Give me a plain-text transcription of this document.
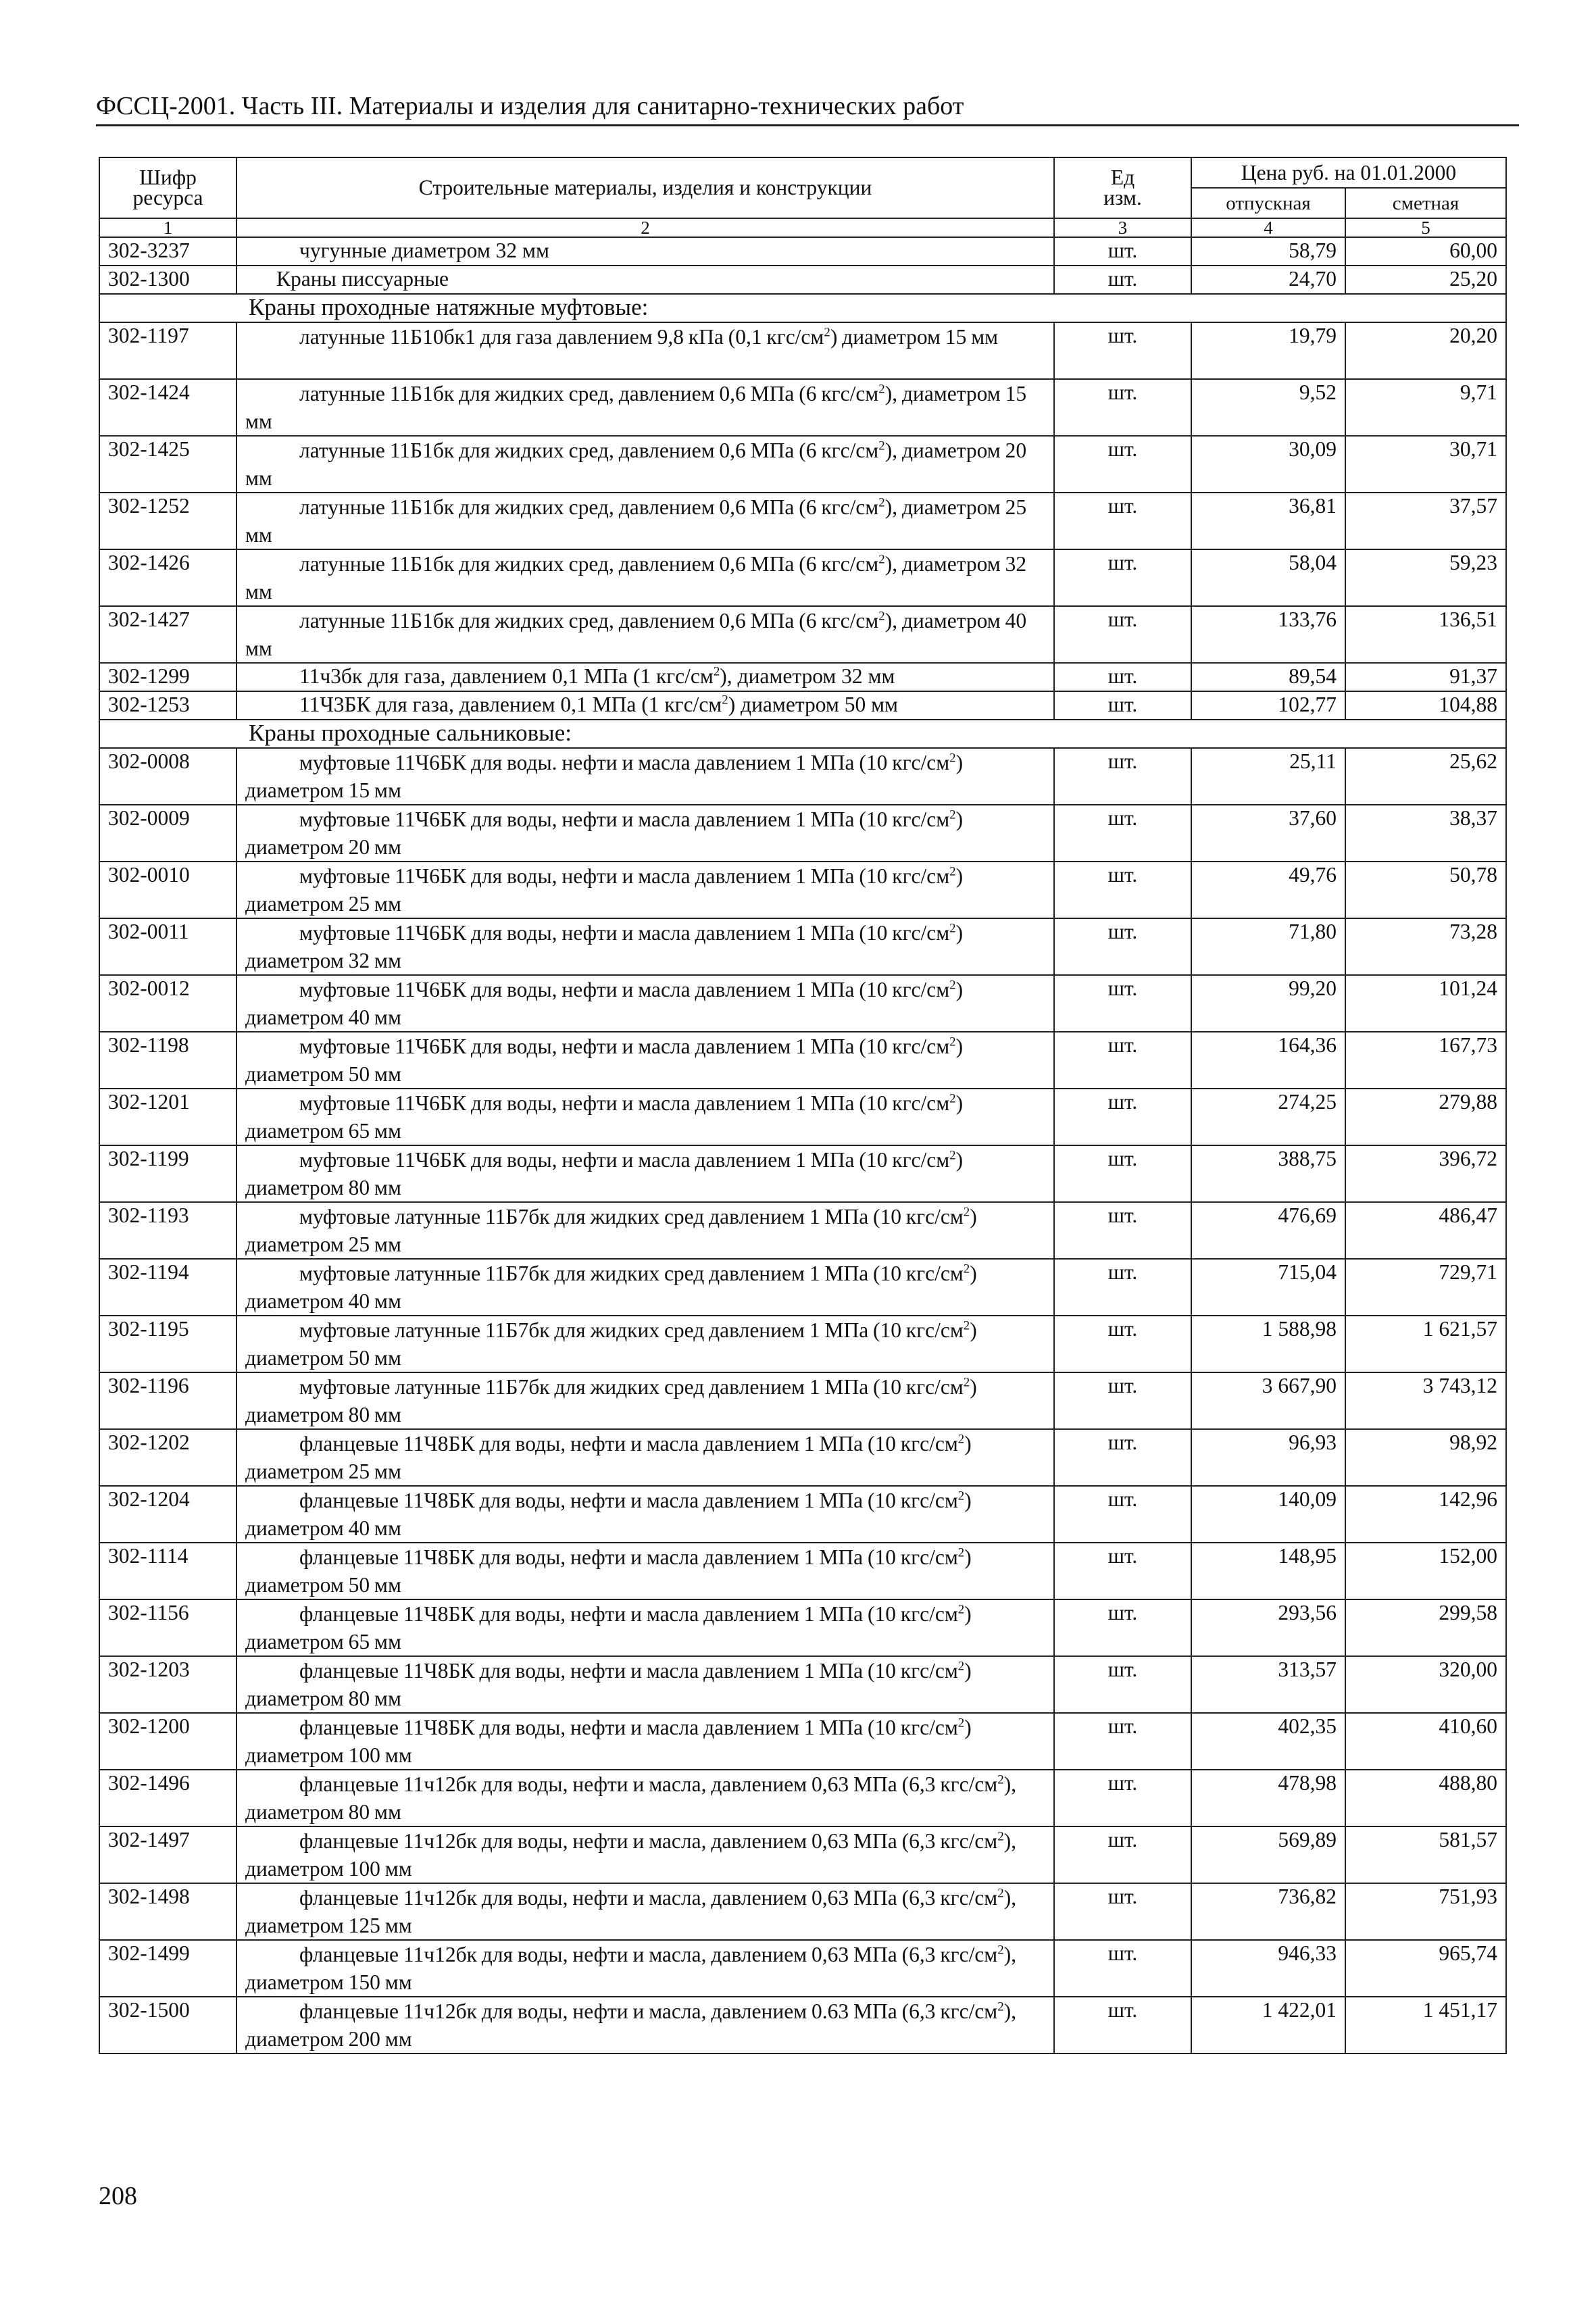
ФССЦ-2001. Часть III. Материалы и изделия для санитарно-технических работ
Шифр ресурса	Строительные материалы, изделия и конструкции	Ед изм.	Цена руб. на 01.01.2000	
			отпускная	сметная
1	2	3	4	5
302-3237	чугунные диаметром 32 мм	шт.	58,79	60,00
302-1300	Краны писсуарные	шт.	24,70	25,20

	Краны проходные натяжные муфтовые:			

302-1197	латунные 11Б10бк1 для газа давлением 9,8 кПа (0,1 кгс/$см^2$) диаметром 15 мм	шт.	19,79	20,20
302-1424	латунные 11Б1бк для жидких сред, давлением 0,6 МПа (6 кгс/$см^2$), диаметром 15 мм	шт.	9,52	9,71
302-1425	латунные 11Б1бк для жидких сред, давлением 0,6 МПа (6 кгс/$см^2$), диаметром 20 мм	шт.	30,09	30,71
302-1252	латунные 11Б1бк для жидких сред, давлением 0,6 МПа (6 кгс/$см^2$), диаметром 25 мм	шт.	36,81	37,57
302-1426	латунные 11Б1бк для жидких сред, давлением 0,6 МПа (6 кгс/$см^2$), диаметром 32 мм	шт.	58,04	59,23
302-1427	латунные 11Б1бк для жидких сред, давлением 0,6 МПа (6 кгс/$см^2$), диаметром 40 мм	шт.	133,76	136,51
302-1299	11ч3бк для газа, давлением 0,1 МПа (1 кгс/$см^2$), диаметром 32 мм	шт.	89,54	91,37
302-1253	11Ч3БК для газа, давлением 0,1 МПа (1 кгс/$см^2$) диаметром 50 мм	шт.	102,77	104,88

	Краны проходные сальниковые:			

302-0008	муфтовые 11Ч6БК для воды. нефти и масла давлением 1 МПа (10 кгс/$см^2$) диаметром 15 мм	шт.	25,11	25,62
302-0009	муфтовые 11Ч6БК для воды, нефти и масла давлением 1 МПа (10 кгс/$см^2$) диаметром 20 мм	шт.	37,60	38,37
302-0010	муфтовые 11Ч6БК для воды, нефти и масла давлением 1 МПа (10 кгс/$см^2$) диаметром 25 мм	шт.	49,76	50,78
302-0011	муфтовые 11Ч6БК для воды, нефти и масла давлением 1 МПа (10 кгс/$см^2$) диаметром 32 мм	шт.	71,80	73,28
302-0012	муфтовые 11Ч6БК для воды, нефти и масла давлением 1 МПа (10 кгс/$см^2$) диаметром 40 мм	шт.	99,20	101,24
302-1198	муфтовые 11Ч6БК для воды, нефти и масла давлением 1 МПа (10 кгс/$см^2$) диаметром 50 мм	шт.	164,36	167,73
302-1201	муфтовые 11Ч6БК для воды, нефти и масла давлением 1 МПа (10 кгс/$см^2$) диаметром 65 мм	шт.	274,25	279,88
302-1199	муфтовые 11Ч6БК для воды, нефти и масла давлением 1 МПа (10 кгс/$см^2$) диаметром 80 мм	шт.	388,75	396,72
302-1193	муфтовые латунные 11Б7бк для жидких сред давлением 1 МПа (10 кгс/$см^2$) диаметром 25 мм	шт.	476,69	486,47
302-1194	муфтовые латунные 11Б7бк для жидких сред давлением 1 МПа (10 кгс/$см^2$) диаметром 40 мм	шт.	715,04	729,71
302-1195	муфтовые латунные 11Б7бк для жидких сред давлением 1 МПа (10 кгс/$см^2$) диаметром 50 мм	шт.	1 588,98	1 621,57
302-1196	муфтовые латунные 11Б7бк для жидких сред давлением 1 МПа (10 кгс/$см^2$) диаметром 80 мм	шт.	3 667,90	3 743,12
302-1202	фланцевые 11Ч8БК для воды, нефти и масла давлением 1 МПа (10 кгс/$см^2$) диаметром 25 мм	шт.	96,93	98,92
302-1204	фланцевые 11Ч8БК для воды, нефти и масла давлением 1 МПа (10 кгс/$см^2$) диаметром 40 мм	шт.	140,09	142,96
302-1114	фланцевые 11Ч8БК для воды, нефти и масла давлением 1 МПа (10 кгс/$см^2$) диаметром 50 мм	шт.	148,95	152,00
302-1156	фланцевые 11Ч8БК для воды, нефти и масла давлением 1 МПа (10 кгс/$см^2$) диаметром 65 мм	шт.	293,56	299,58
302-1203	фланцевые 11Ч8БК для воды, нефти и масла давлением 1 МПа (10 кгс/$см^2$) диаметром 80 мм	шт.	313,57	320,00
302-1200	фланцевые 11Ч8БК для воды, нефти и масла давлением 1 МПа (10 кгс/$см^2$) диаметром 100 мм	шт.	402,35	410,60
302-1496	фланцевые 11ч12бк для воды, нефти и масла, давлением 0,63 МПа (6,3 кгс/$см^2$), диаметром 80 мм	шт.	478,98	488,80
302-1497	фланцевые 11ч12бк для воды, нефти и масла, давлением 0,63 МПа (6,3 кгс/$см^2$), диаметром 100 мм	шт.	569,89	581,57
302-1498	фланцевые 11ч12бк для воды, нефти и масла, давлением 0,63 МПа (6,3 кгс/$см^2$), диаметром 125 мм	шт.	736,82	751,93
302-1499	фланцевые 11ч12бк для воды, нефти и масла, давлением 0,63 МПа (6,3 кгс/$см^2$), диаметром 150 мм	шт.	946,33	965,74
302-1500	фланцевые 11ч12бк для воды, нефти и масла, давлением 0.63 МПа (6,3 кгс/$см^2$), диаметром 200 мм	шт.	1 422,01	1 451,17
208
